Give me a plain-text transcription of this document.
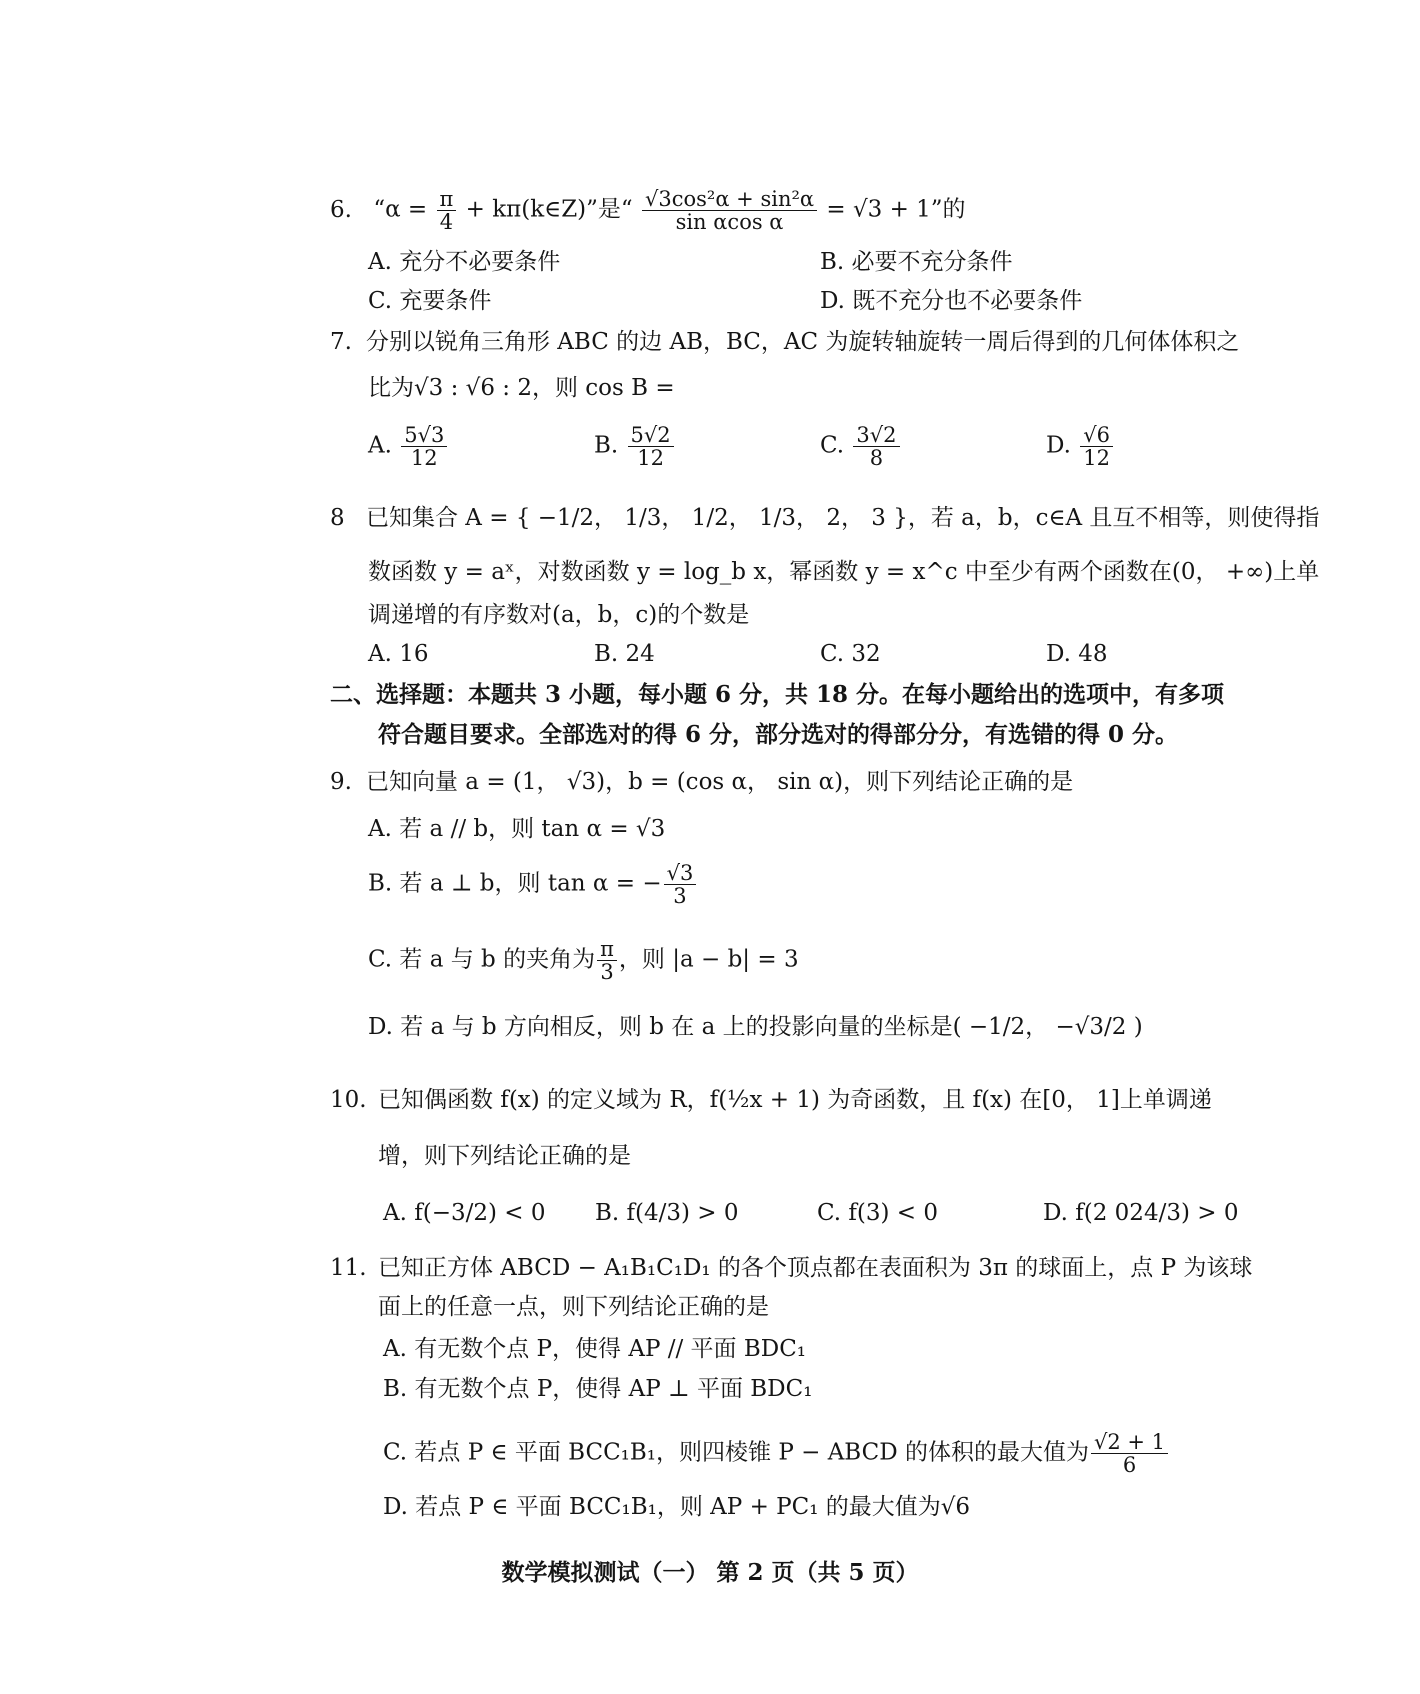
6. “$\alpha = \frac{\pi}{4}$ + kπ(k∈Z)”是“ $\frac{\text{√3cos²α + sin²α}}{\text{sin αcos α}} = √3 + 1$”的
A. 充分不必要条件	B. 必要不充分条件
C. 充要条件	D. 既不充分也不必要条件
7. 分别以锐角三角形 ABC 的边 AB，BC，AC 为旋转轴旋转一周后得到的几何体体积之
比为√3 : √6 : 2，则 cos B =
A. $\frac{5√3}{12}$	B. $\frac{5√2}{12}$	C. $\frac{3√2}{8}$	D. $\frac{√6}{12}$
8 已知集合 A = { −1/2， 1/3， 1/2， 1/3， 2， 3 }，若 a，b，c∈A 且互不相等，则使得指
数函数 y = aˣ，对数函数 y = log_b x，幂函数 y = x^c 中至少有两个函数在(0， +∞)上单
调递增的有序数对(a，b，c)的个数是
A. 16	B. 24	C. 32	D. 48
二、选择题：本题共 3 小题，每小题 6 分，共 18 分。在每小题给出的选项中，有多项
符合题目要求。全部选对的得 6 分，部分选对的得部分分，有选错的得 0 分。
9. 已知向量 a = (1， √3)，b = (cos α， sin α)，则下列结论正确的是
A. 若 a // b，则 tan α = √3
B. 若 a ⊥ b，则 tan α = − $\frac{√3}{3}$
C. 若 a 与 b 的夹角为 $\frac{\pi}{3}$ ，则 |a − b| = 3
D. 若 a 与 b 方向相反，则 b 在 a 上的投影向量的坐标是( −1/2， −√3/2 )
10. 已知偶函数 f(x) 的定义域为 R，f(½x + 1) 为奇函数，且 f(x) 在[0， 1]上单调递
增，则下列结论正确的是
A. f(−3/2) < 0 B. f(4/3) > 0	C. f(3) < 0	D. f(2 024/3) > 0
11. 已知正方体 ABCD − A₁B₁C₁D₁ 的各个顶点都在表面积为 3π 的球面上，点 P 为该球
面上的任意一点，则下列结论正确的是
A. 有无数个点 P，使得 AP // 平面 BDC₁
B. 有无数个点 P，使得 AP ⊥ 平面 BDC₁
C. 若点 P ∈ 平面 BCC₁B₁，则四棱锥 P − ABCD 的体积的最大值为 $\frac{√2 + 1}{6}$
D. 若点 P ∈ 平面 BCC₁B₁，则 AP + PC₁ 的最大值为√6
数学模拟测试（一） 第 2 页（共 5 页）
